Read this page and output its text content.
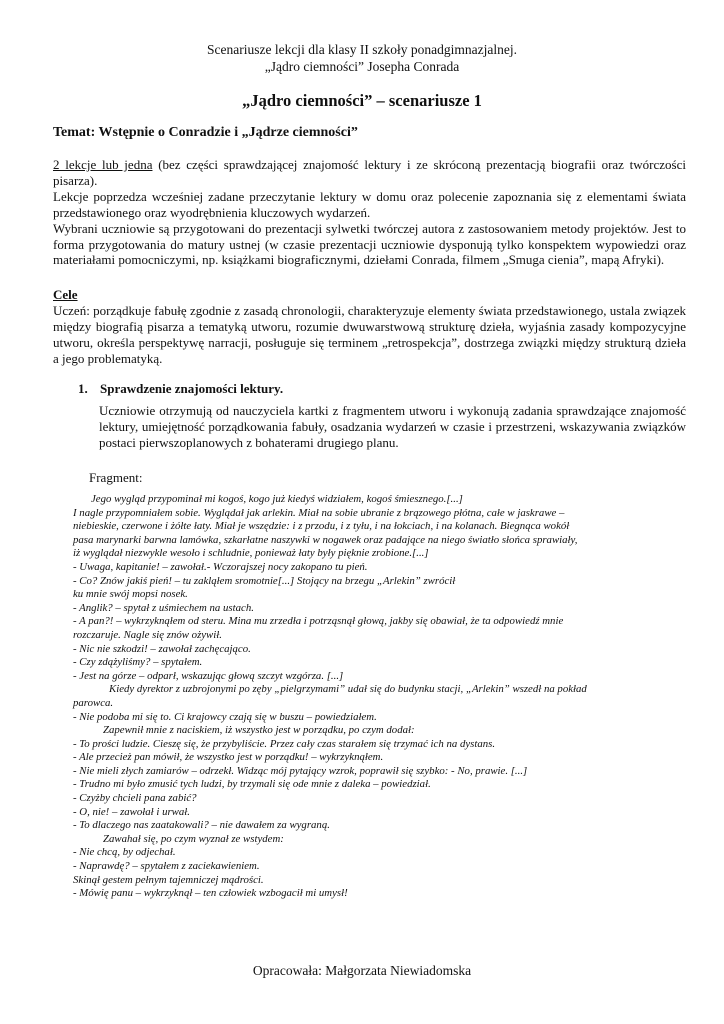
Scenariusze lekcji dla klasy II szkoły ponadgimnazjalnej.
„Jądro ciemności” Josepha Conrada
„Jądro ciemności” – scenariusze 1
Temat: Wstępnie o Conradzie i „Jądrze ciemności”

2 lekcje lub jedna (bez części sprawdzającej znajomość lektury i ze skróconą prezentacją biografii oraz twórczości pisarza).

Lekcje poprzedza wcześniej zadane przeczytanie lektury w domu oraz polecenie zapoznania się z elementami świata przedstawionego oraz wyodrębnienia kluczowych wydarzeń.

Wybrani uczniowie są przygotowani do prezentacji sylwetki twórczej autora z zastosowaniem metody projektów. Jest to forma przygotowania do matury ustnej (w czasie prezentacji uczniowie dysponują tylko konspektem wypowiedzi oraz materiałami pomocniczymi, np. książkami biograficznymi, dziełami Conrada, filmem „Smuga cienia”, mapą Afryki).

Cele
Uczeń: porządkuje fabułę zgodnie z zasadą chronologii, charakteryzuje elementy świata przedstawionego, ustala związek między biografią pisarza a tematyką utworu, rozumie dwuwarstwową strukturę dzieła, wyjaśnia zasady kompozycyjne utworu, określa perspektywę narracji, posługuje się terminem „retrospekcja”, dostrzega związki między strukturą dzieła a jego problematyką.
1. Sprawdzenie znajomości lektury.
Uczniowie otrzymują od nauczyciela kartki z fragmentem utworu i wykonują zadania sprawdzające znajomość lektury, umiejętność porządkowania fabuły, osadzania wydarzeń w czasie i przestrzeni, wskazywania związków postaci pierwszoplanowych z bohaterami drugiego planu.
Fragment:
Jego wygląd przypominał mi kogoś, kogo już kiedyś widziałem, kogoś śmiesznego.[...]
I nagle przypomniałem sobie. Wyglądał jak arlekin. Miał na sobie ubranie z brązowego płótna, całe w jaskrawe –
niebieskie, czerwone i żółte łaty. Miał je wszędzie: i z przodu, i z tyłu, i na łokciach, i na kolanach. Biegnąca wokół
pasa marynarki barwna lamówka, szkarłatne naszywki w nogawek oraz padające na niego światło słońca sprawiały,
iż wyglądał niezwykle wesoło i schludnie, ponieważ łaty były pięknie zrobione.[...]
- Uwaga, kapitanie! – zawołał.- Wczorajszej nocy zakopano tu pień.
- Co? Znów jakiś pień! – tu zakląłem sromotnie[...] Stojący na brzegu „Arlekin” zwrócił
ku mnie swój mopsi nosek.
- Anglik? – spytał z uśmiechem na ustach.
- A pan?! – wykrzyknąłem od steru. Mina mu zrzedła i potrząsnął głową, jakby się obawiał, że ta odpowiedź mnie
rozczaruje. Nagle się znów ożywił.
- Nic nie szkodzi! – zawołał zachęcająco.
- Czy zdążyliśmy? – spytałem.
- Jest na górze – odparł, wskazując głową szczyt wzgórza. [...]
Kiedy dyrektor z uzbrojonymi po zęby „pielgrzymami” udał się do budynku stacji, „Arlekin” wszedł na pokład
parowca.
- Nie podoba mi się to. Ci krajowcy czają się w buszu – powiedziałem.
Zapewnił mnie z naciskiem, iż wszystko jest w porządku, po czym dodał:
- To prości ludzie. Cieszę się, że przybyliście. Przez cały czas starałem się trzymać ich na dystans.
- Ale przecież pan mówił, że wszystko jest w porządku! – wykrzyknąłem.
- Nie mieli złych zamiarów – odrzekł. Widząc mój pytający wzrok, poprawił się szybko: - No, prawie. [...]
- Trudno mi było zmusić tych ludzi, by trzymali się ode mnie z daleka – powiedział.
- Czyżby chcieli pana zabić?
- O, nie! – zawołał i urwał.
- To dlaczego nas zaatakowali? – nie dawałem za wygraną.
Zawahał się, po czym wyznał ze wstydem:
- Nie chcą, by odjechał.
- Naprawdę? – spytałem z zaciekawieniem.
Skinął gestem pełnym tajemniczej mądrości.
- Mówię panu – wykrzyknął – ten człowiek wzbogacił mi umysł!
Opracowała: Małgorzata Niewiadomska
